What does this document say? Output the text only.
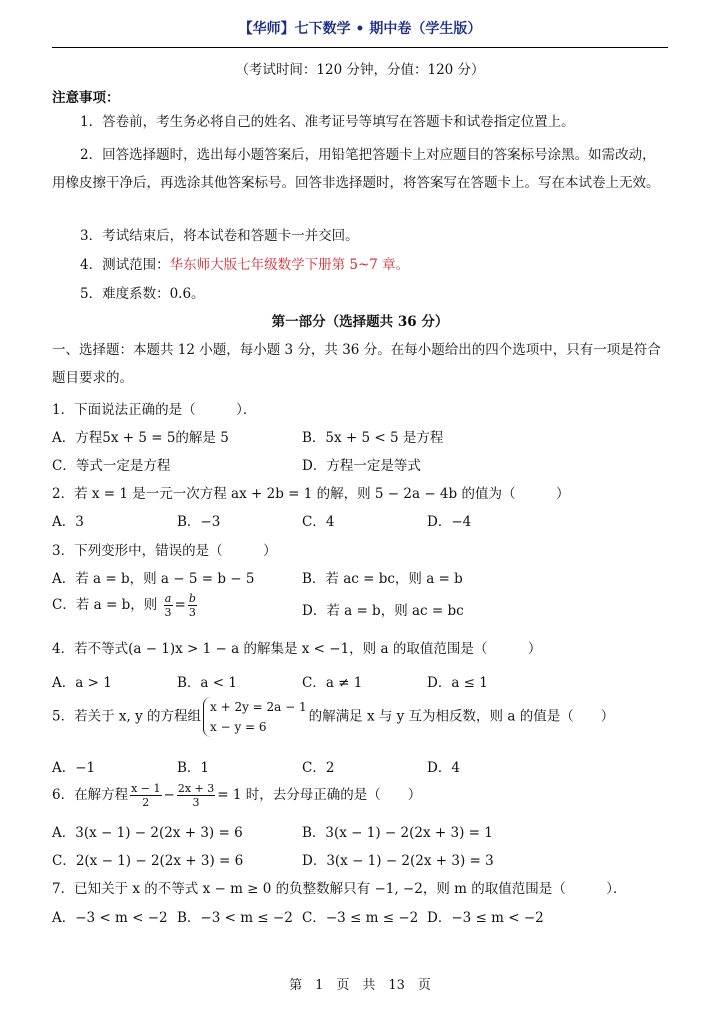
【华师】七下数学 • 期中卷（学生版）
（考试时间：120 分钟，分值：120 分）
注意事项：
1．答卷前，考生务必将自己的姓名、准考证号等填写在答题卡和试卷指定位置上。
2．回答选择题时，选出每小题答案后，用铅笔把答题卡上对应题目的答案标号涂黑。如需改动，用橡皮擦干净后，再选涂其他答案标号。回答非选择题时，将答案写在答题卡上。写在本试卷上无效。
3．考试结束后，将本试卷和答题卡一并交回。
4．测试范围：华东师大版七年级数学下册第 5~7 章。
5．难度系数：0.6。
第一部分（选择题共 36 分）
一、选择题：本题共 12 小题，每小题 3 分，共 36 分。在每小题给出的四个选项中，只有一项是符合题目要求的。
1．下面说法正确的是（　　　）．
A．方程5x + 5 = 5的解是 5	B．5x + 5 < 5 是方程
C．等式一定是方程	D．方程一定是等式
2．若 x = 1 是一元一次方程 ax + 2b = 1 的解，则 5 − 2a − 4b 的值为（　　　）
A．3	B．−3	C．4	D．−4
3．下列变形中，错误的是（　　　）
A．若 a = b，则 a − 5 = b − 5	B．若 ac = bc，则 a = b
C．若 a = b，则 $\frac{a}{3} = \frac{b}{3}$	D．若 a = b，则 ac = bc
4．若不等式(a − 1)x > 1 − a 的解集是 x < −1，则 a 的取值范围是（　　　）
A．a > 1	B．a < 1	C．a ≠ 1	D．a ≤ 1
5．若关于 x, y 的方程组
x + 2y = 2a − 1
x − y = 6
的解满足 x 与 y 互为相反数，则 a 的值是（　　）
A．−1	B．1	C．2	D．4
6．在解方程 $\frac{x - 1}{2} - \frac{2x + 3}{3} = 1$ 时，去分母正确的是（　　）
A．3(x − 1) − 2(2x + 3) = 6	B．3(x − 1) − 2(2x + 3) = 1
C．2(x − 1) − 2(2x + 3) = 6	D．3(x − 1) − 2(2x + 3) = 3
7．已知关于 x 的不等式 x − m ≥ 0 的负整数解只有 −1, −2，则 m 的取值范围是（　　　）．
A．−3 < m < −2 B．−3 < m ≤ −2 C．−3 ≤ m ≤ −2 D．−3 ≤ m < −2
第　1　页　共　13　页
